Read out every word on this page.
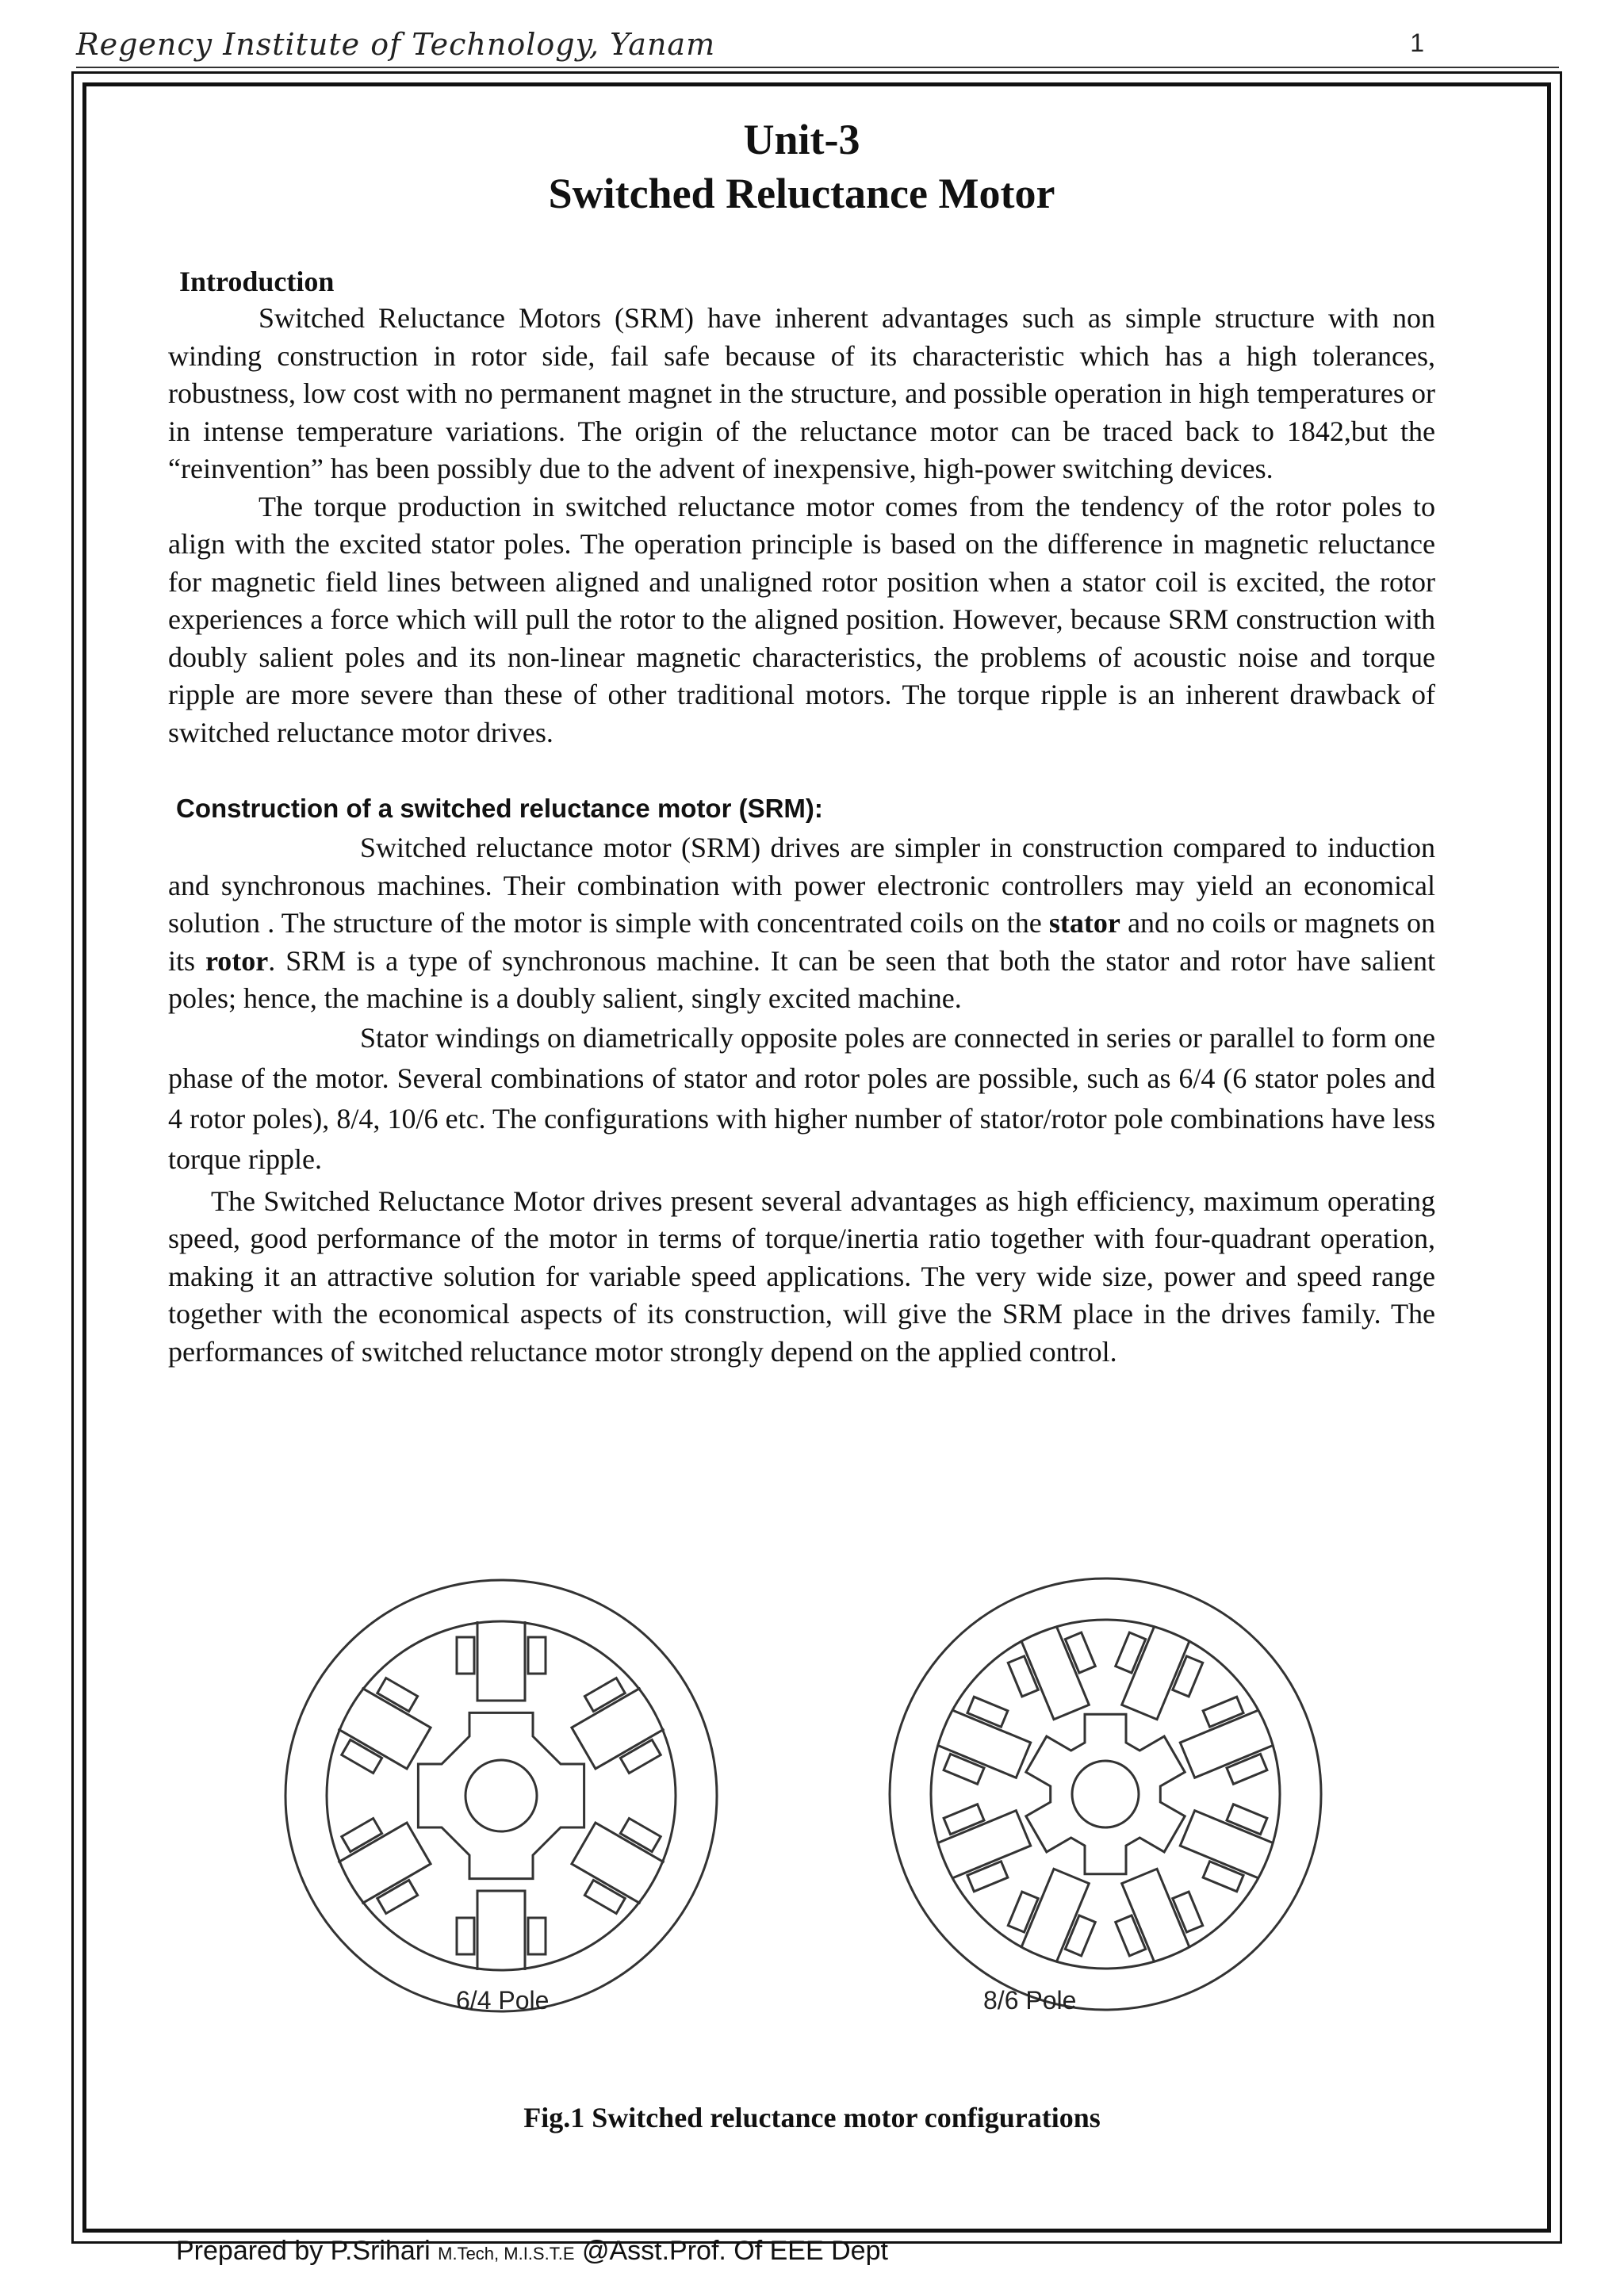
Regency Institute of Technology, Yanam	1
Unit-3
Switched Reluctance Motor
Introduction

Switched Reluctance Motors (SRM) have inherent advantages such as simple structure with non winding construction in rotor side, fail safe because of its characteristic which has a high tolerances, robustness, low cost with no permanent magnet in the structure, and possible operation in high temperatures or in intense temperature variations. The origin of the reluctance motor can be traced back to 1842,but the “reinvention” has been possibly due to the advent of inexpensive, high-power switching devices.

The torque production in switched reluctance motor comes from the tendency of the rotor poles to align with the excited stator poles. The operation principle is based on the difference in magnetic reluctance for magnetic field lines between aligned and unaligned rotor position when a stator coil is excited, the rotor experiences a force which will pull the rotor to the aligned position. However, because SRM construction with doubly salient poles and its non-linear magnetic characteristics, the problems of acoustic noise and torque ripple are more severe than these of other traditional motors. The torque ripple is an inherent drawback of switched reluctance motor drives.

Construction of a switched reluctance motor (SRM):

Switched reluctance motor (SRM) drives are simpler in construction compared to induction and synchronous machines. Their combination with power electronic controllers may yield an economical solution . The structure of the motor is simple with concentrated coils on the stator and no coils or magnets on its rotor. SRM is a type of synchronous machine. It can be seen that both the stator and rotor have salient poles; hence, the machine is a doubly salient, singly excited machine.

Stator windings on diametrically opposite poles are connected in series or parallel to form one phase of the motor. Several combinations of stator and rotor poles are possible, such as 6/4 (6 stator poles and 4 rotor poles), 8/4, 10/6 etc. The configurations with higher number of stator/rotor pole combinations have less torque ripple.

The Switched Reluctance Motor drives present several advantages as high efficiency, maximum operating speed, good performance of the motor in terms of torque/inertia ratio together with four-quadrant operation, making it an attractive solution for variable speed applications. The very wide size, power and speed range together with the economical aspects of its construction, will give the SRM place in the drives family. The performances of switched reluctance motor strongly depend on the applied control.

6/4 Pole	8/6 Pole
Fig.1 Switched reluctance motor configurations
Prepared by P.Srihari M.Tech, M.I.S.T.E @Asst.Prof. Of EEE Dept
